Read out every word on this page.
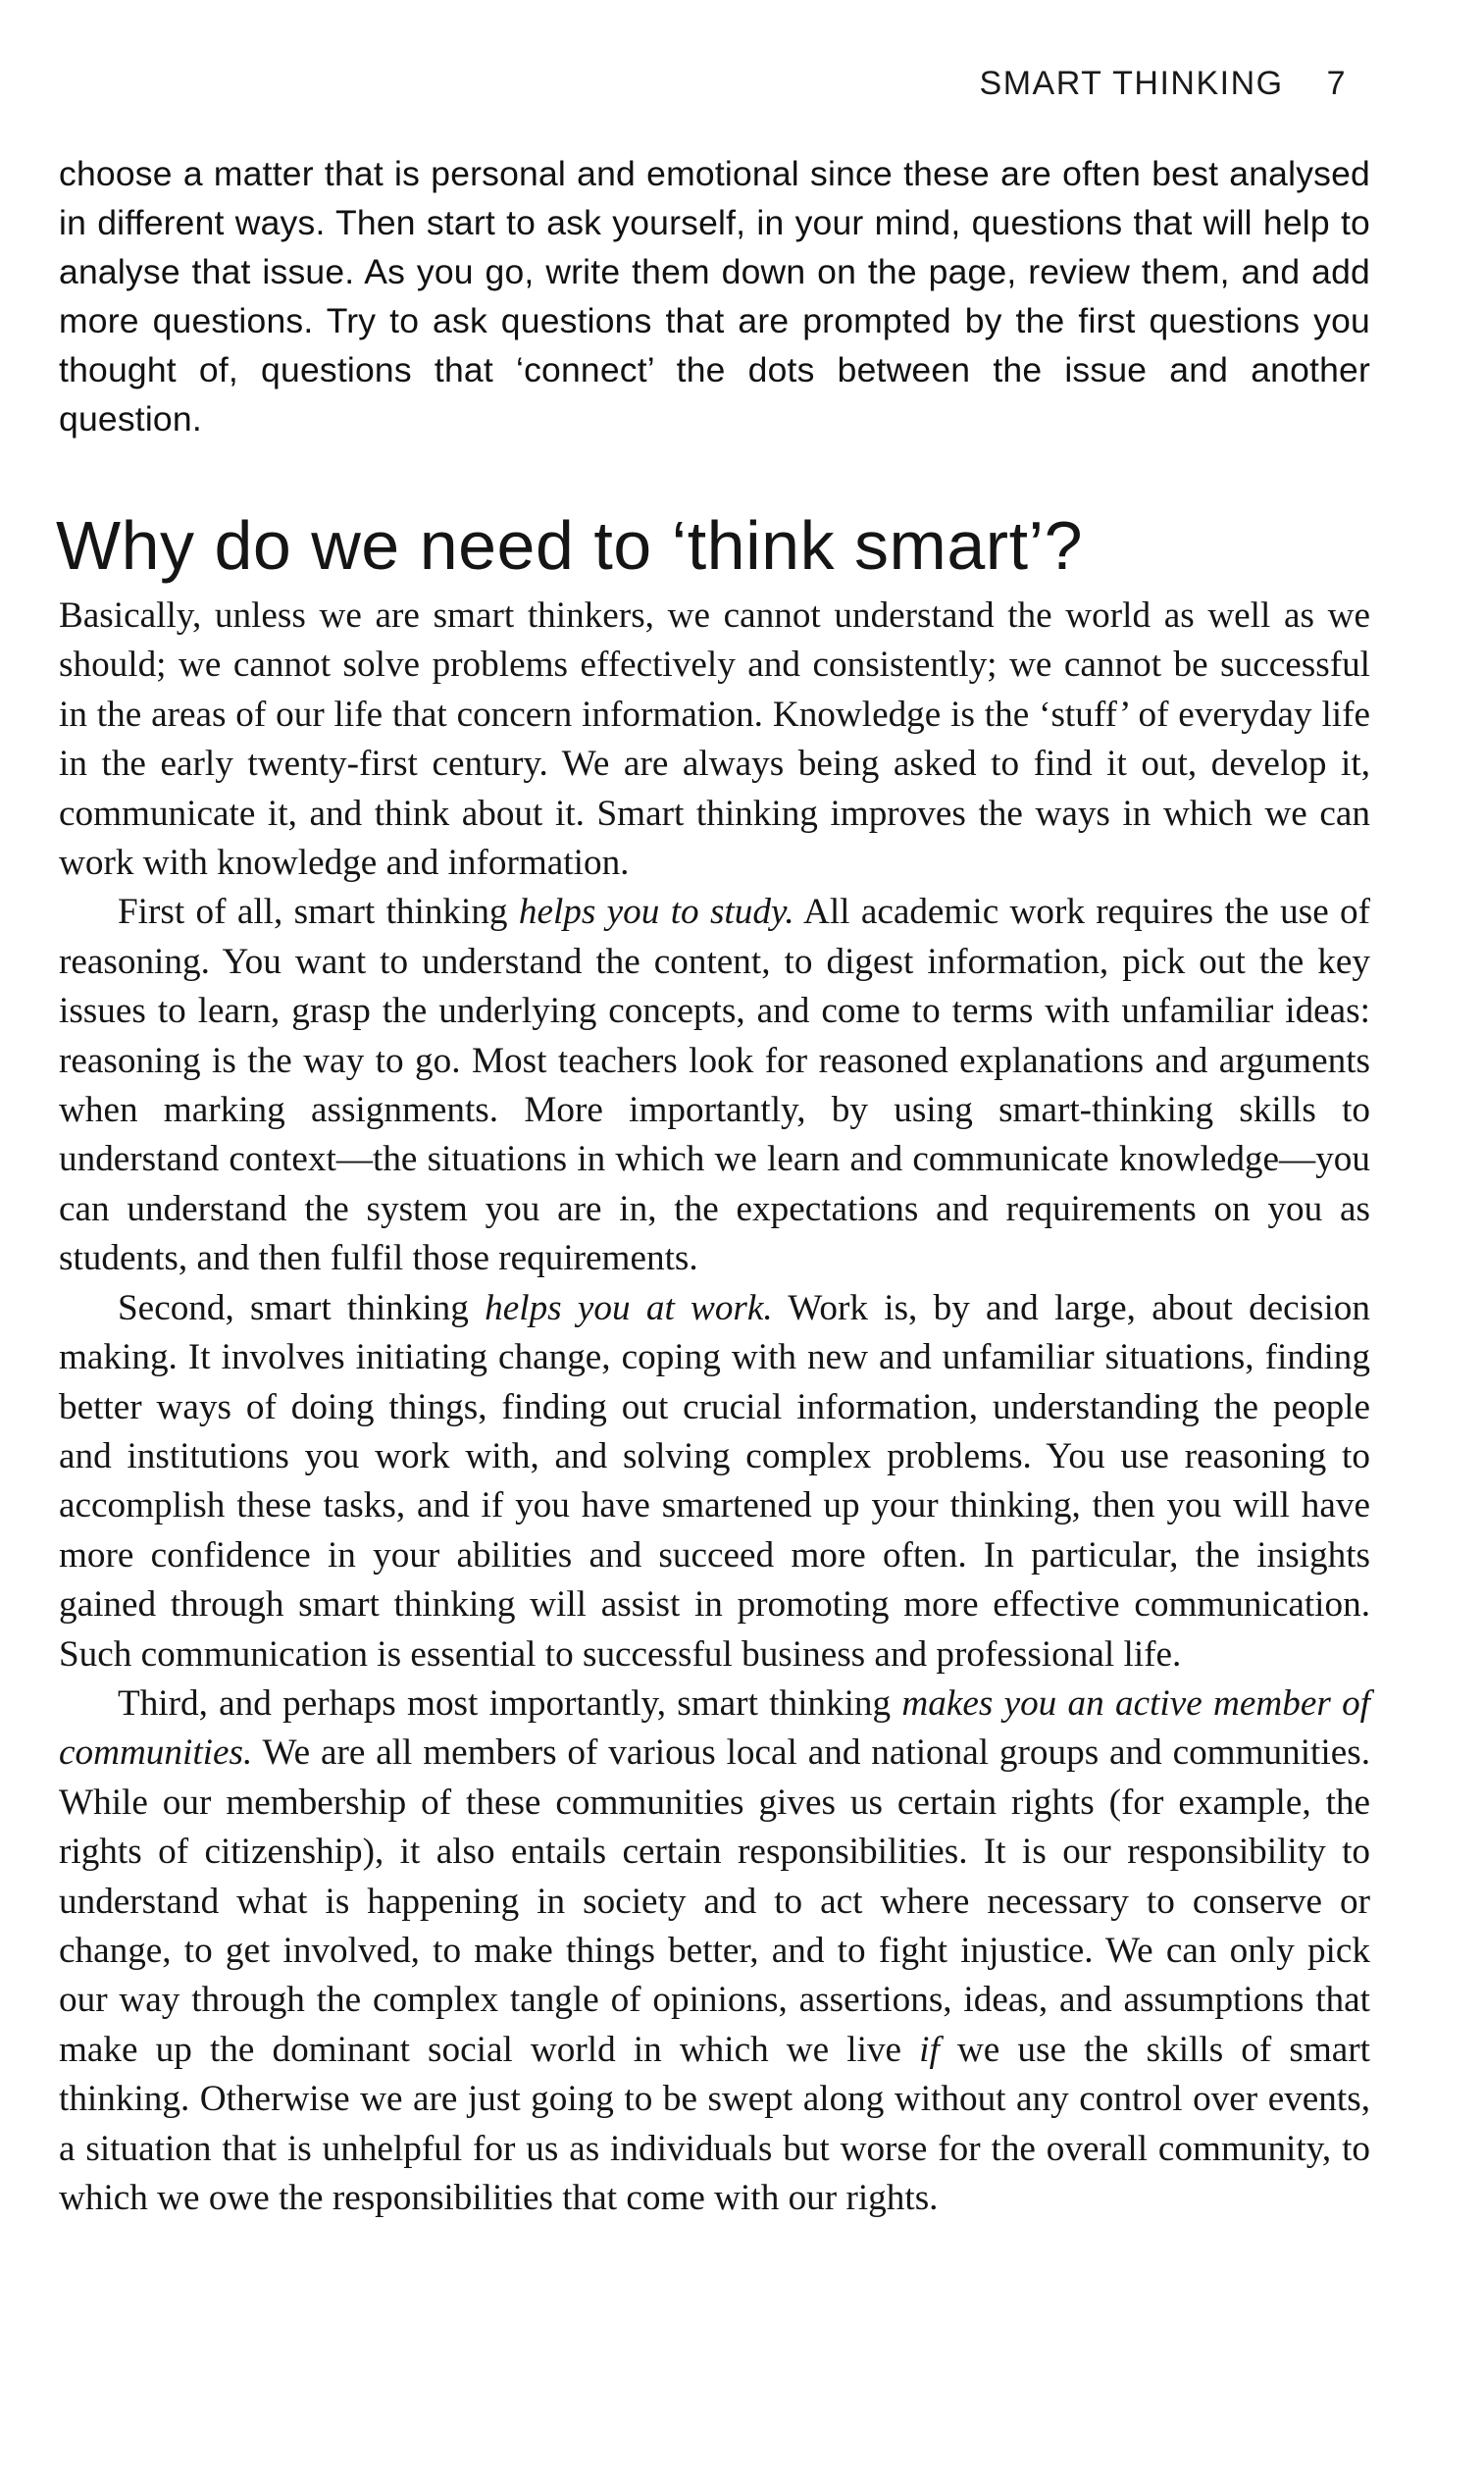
SMART THINKING 7

choose a matter that is personal and emotional since these are often best analysed in different ways. Then start to ask yourself, in your mind, questions that will help to analyse that issue. As you go, write them down on the page, review them, and add more questions. Try to ask questions that are prompted by the first questions you thought of, questions that ‘connect’ the dots between the issue and another question.

Why do we need to ‘think smart’?

Basically, unless we are smart thinkers, we cannot understand the world as well as we should; we cannot solve problems effectively and consistently; we cannot be successful in the areas of our life that concern information. Knowledge is the ‘stuff’ of everyday life in the early twenty-first century. We are always being asked to find it out, develop it, communicate it, and think about it. Smart thinking improves the ways in which we can work with knowledge and information.

First of all, smart thinking helps you to study. All academic work requires the use of reasoning. You want to understand the content, to digest information, pick out the key issues to learn, grasp the underlying concepts, and come to terms with unfamiliar ideas: reasoning is the way to go. Most teachers look for reasoned explanations and arguments when marking assignments. More importantly, by using smart-thinking skills to understand context—the situations in which we learn and communicate knowledge—you can understand the system you are in, the expectations and requirements on you as students, and then fulfil those requirements.

Second, smart thinking helps you at work. Work is, by and large, about decision making. It involves initiating change, coping with new and unfamiliar situations, finding better ways of doing things, finding out crucial information, understanding the people and institutions you work with, and solving complex problems. You use reasoning to accomplish these tasks, and if you have smartened up your thinking, then you will have more confidence in your abilities and succeed more often. In particular, the insights gained through smart thinking will assist in promoting more effective communication. Such communication is essential to successful business and professional life.

Third, and perhaps most importantly, smart thinking makes you an active member of communities. We are all members of various local and national groups and communities. While our membership of these communities gives us certain rights (for example, the rights of citizenship), it also entails certain responsibilities. It is our responsibility to understand what is happening in society and to act where necessary to conserve or change, to get involved, to make things better, and to fight injustice. We can only pick our way through the complex tangle of opinions, assertions, ideas, and assumptions that make up the dominant social world in which we live if we use the skills of smart thinking. Otherwise we are just going to be swept along without any control over events, a situation that is unhelpful for us as individuals but worse for the overall community, to which we owe the responsibilities that come with our rights.
